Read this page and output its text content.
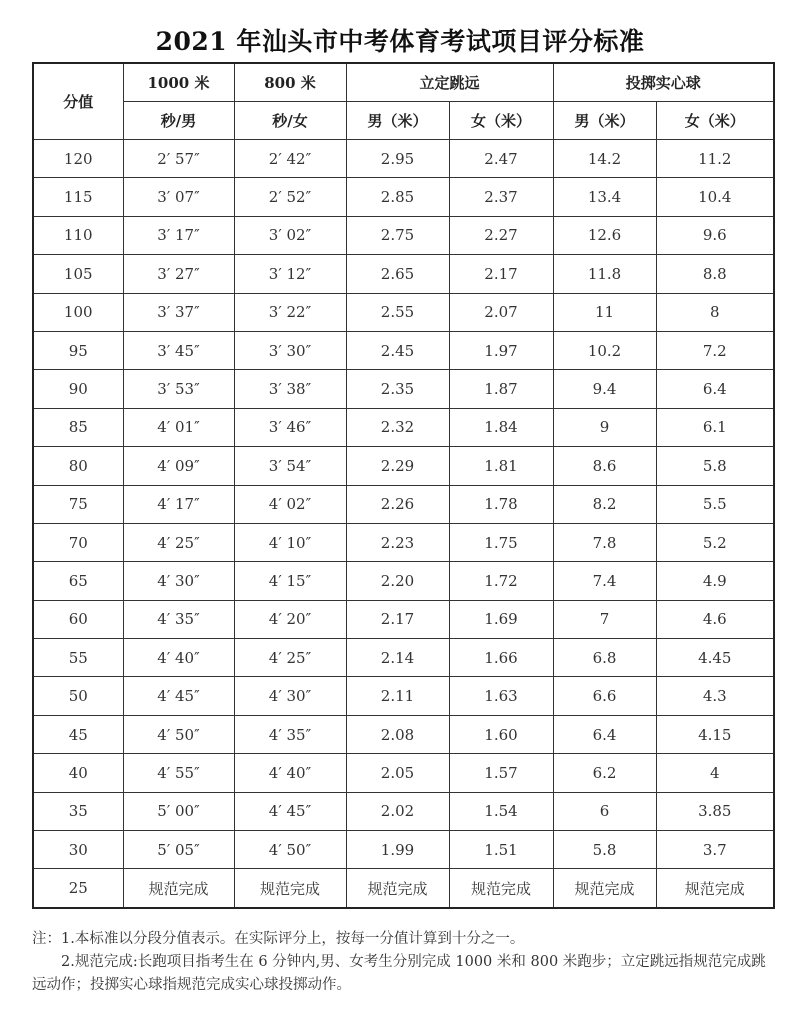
2021 年汕头市中考体育考试项目评分标准
分值	1000 米	800 米	立定跳远		投掷实心球	
	秒/男	秒/女	男（米）	女（米）	男（米）	女（米）
120	2′ 57″	2′ 42″	2.95	2.47	14.2	11.2
115	3′ 07″	2′ 52″	2.85	2.37	13.4	10.4
110	3′ 17″	3′ 02″	2.75	2.27	12.6	9.6
105	3′ 27″	3′ 12″	2.65	2.17	11.8	8.8
100	3′ 37″	3′ 22″	2.55	2.07	11	8
95	3′ 45″	3′ 30″	2.45	1.97	10.2	7.2
90	3′ 53″	3′ 38″	2.35	1.87	9.4	6.4
85	4′ 01″	3′ 46″	2.32	1.84	9	6.1
80	4′ 09″	3′ 54″	2.29	1.81	8.6	5.8
75	4′ 17″	4′ 02″	2.26	1.78	8.2	5.5
70	4′ 25″	4′ 10″	2.23	1.75	7.8	5.2
65	4′ 30″	4′ 15″	2.20	1.72	7.4	4.9
60	4′ 35″	4′ 20″	2.17	1.69	7	4.6
55	4′ 40″	4′ 25″	2.14	1.66	6.8	4.45
50	4′ 45″	4′ 30″	2.11	1.63	6.6	4.3
45	4′ 50″	4′ 35″	2.08	1.60	6.4	4.15
40	4′ 55″	4′ 40″	2.05	1.57	6.2	4
35	5′ 00″	4′ 45″	2.02	1.54	6	3.85
30	5′ 05″	4′ 50″	1.99	1.51	5.8	3.7
25	规范完成	规范完成	规范完成	规范完成	规范完成	规范完成

注：1.本标准以分段分值表示。在实际评分上，按每一分值计算到十分之一。

2.规范完成:长跑项目指考生在 6 分钟内,男、女考生分别完成 1000 米和 800 米跑步；立定跳远指规范完成跳远动作；投掷实心球指规范完成实心球投掷动作。
